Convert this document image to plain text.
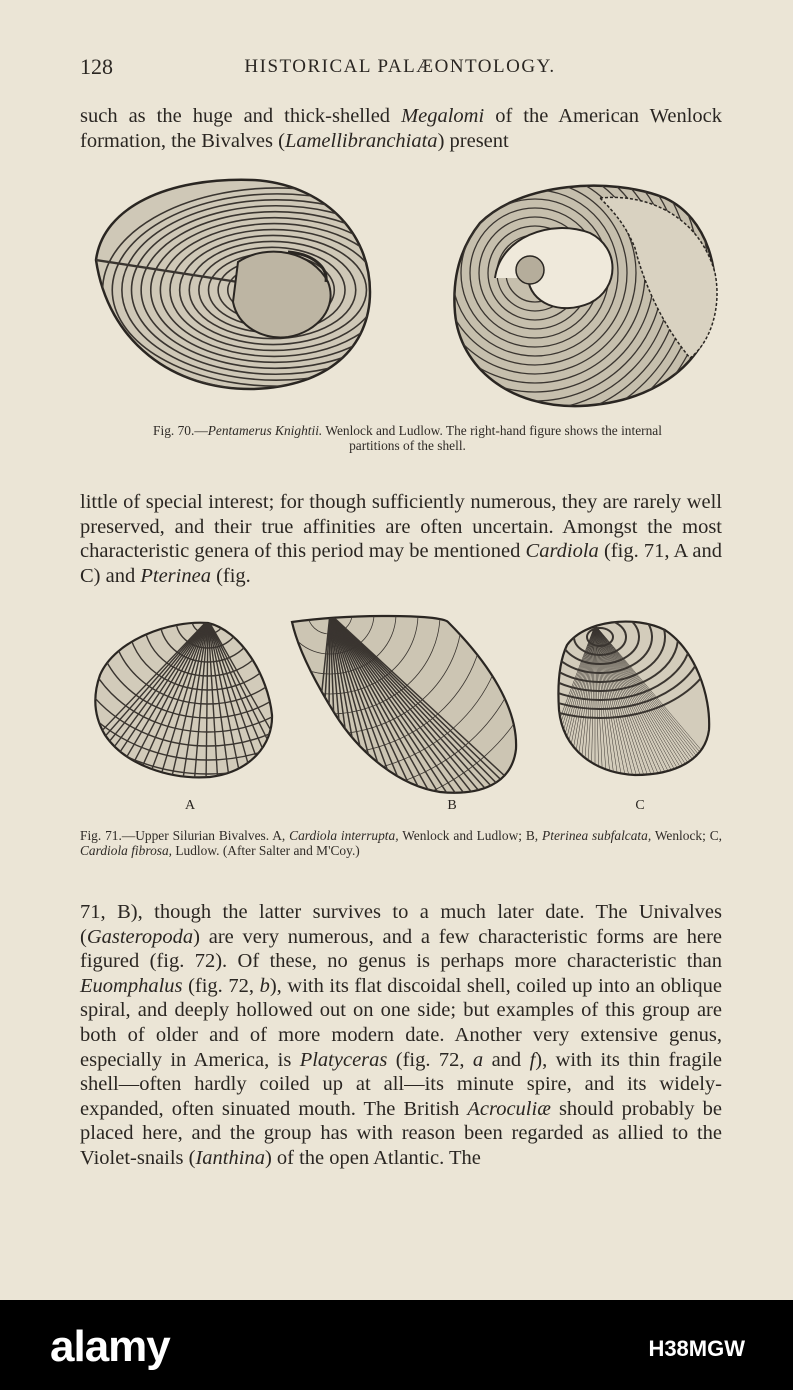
128	HISTORICAL PALÆONTOLOGY.
such as the huge and thick-shelled Megalomi of the American Wenlock formation, the Bivalves (Lamellibranchiata) present
Fig. 70.—Pentamerus Knightii. Wenlock and Ludlow. The right-hand figure shows the internal partitions of the shell.
little of special interest; for though sufficiently numerous, they are rarely well preserved, and their true affinities are often uncertain. Amongst the most characteristic genera of this period may be mentioned Cardiola (fig. 71, A and C) and Pterinea (fig.
A	B	C
Fig. 71.—Upper Silurian Bivalves. A, Cardiola interrupta, Wenlock and Ludlow; B, Pterinea subfalcata, Wenlock; C, Cardiola fibrosa, Ludlow. (After Salter and M'Coy.)
71, B), though the latter survives to a much later date. The Univalves (Gasteropoda) are very numerous, and a few characteristic forms are here figured (fig. 72). Of these, no genus is perhaps more characteristic than Euomphalus (fig. 72, b), with its flat discoidal shell, coiled up into an oblique spiral, and deeply hollowed out on one side; but examples of this group are both of older and of more modern date. Another very extensive genus, especially in America, is Platyceras (fig. 72, a and f), with its thin fragile shell—often hardly coiled up at all—its minute spire, and its widely-expanded, often sinuated mouth. The British Acroculiæ should probably be placed here, and the group has with reason been regarded as allied to the Violet-snails (Ianthina) of the open Atlantic. The
alamy	H38MGW
